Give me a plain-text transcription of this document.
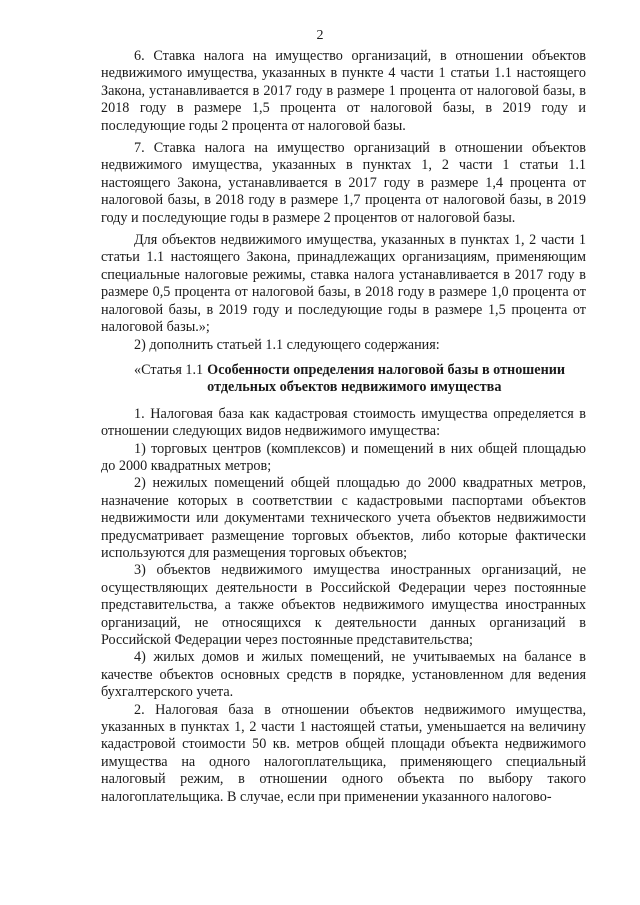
2

6. Ставка налога на имущество организаций, в отношении объектов недвижимого имущества, указанных в пункте 4 части 1 статьи 1.1 настоящего Закона, устанавливается в 2017 году в размере 1 процента от налоговой базы, в 2018 году в размере 1,5 процента от налоговой базы, в 2019 году и последующие годы 2 процента от налоговой базы.

7. Ставка налога на имущество организаций в отношении объектов недвижимого имущества, указанных в пунктах 1, 2 части 1 статьи 1.1 настоящего Закона, устанавливается в 2017 году в размере 1,4 процента от налоговой базы, в 2018 году в размере 1,7 процента от налоговой базы, в 2019 году и последующие годы в размере 2 процентов от налоговой базы.

Для объектов недвижимого имущества, указанных в пунктах 1, 2 части 1 статьи 1.1 настоящего Закона, принадлежащих организациям, применяющим специальные налоговые режимы, ставка налога устанавливается в 2017 году в размере 0,5 процента от налоговой базы, в 2018 году в размере 1,0 процента от налоговой базы, в 2019 году и последующие годы в размере 1,5 процента от налоговой базы.»;

2) дополнить статьей 1.1 следующего содержания:

«Статья 1.1 Особенности определения налоговой базы в отношении отдельных объектов недвижимого имущества

1. Налоговая база как кадастровая стоимость имущества определяется в отношении следующих видов недвижимого имущества:

1) торговых центров (комплексов) и помещений в них общей площадью до 2000 квадратных метров;

2) нежилых помещений общей площадью до 2000 квадратных метров, назначение которых в соответствии с кадастровыми паспортами объектов недвижимости или документами технического учета объектов недвижимости предусматривает размещение торговых объектов, либо которые фактически используются для размещения торговых объектов;

3) объектов недвижимого имущества иностранных организаций, не осуществляющих деятельности в Российской Федерации через постоянные представительства, а также объектов недвижимого имущества иностранных организаций, не относящихся к деятельности данных организаций в Российской Федерации через постоянные представительства;

4) жилых домов и жилых помещений, не учитываемых на балансе в качестве объектов основных средств в порядке, установленном для ведения бухгалтерского учета.

2. Налоговая база в отношении объектов недвижимого имущества, указанных в пунктах 1, 2 части 1 настоящей статьи, уменьшается на величину кадастровой стоимости 50 кв. метров общей площади объекта недвижимого имущества на одного налогоплательщика, применяющего специальный налоговый режим, в отношении одного объекта по выбору такого налогоплательщика. В случае, если при применении указанного налогово-
